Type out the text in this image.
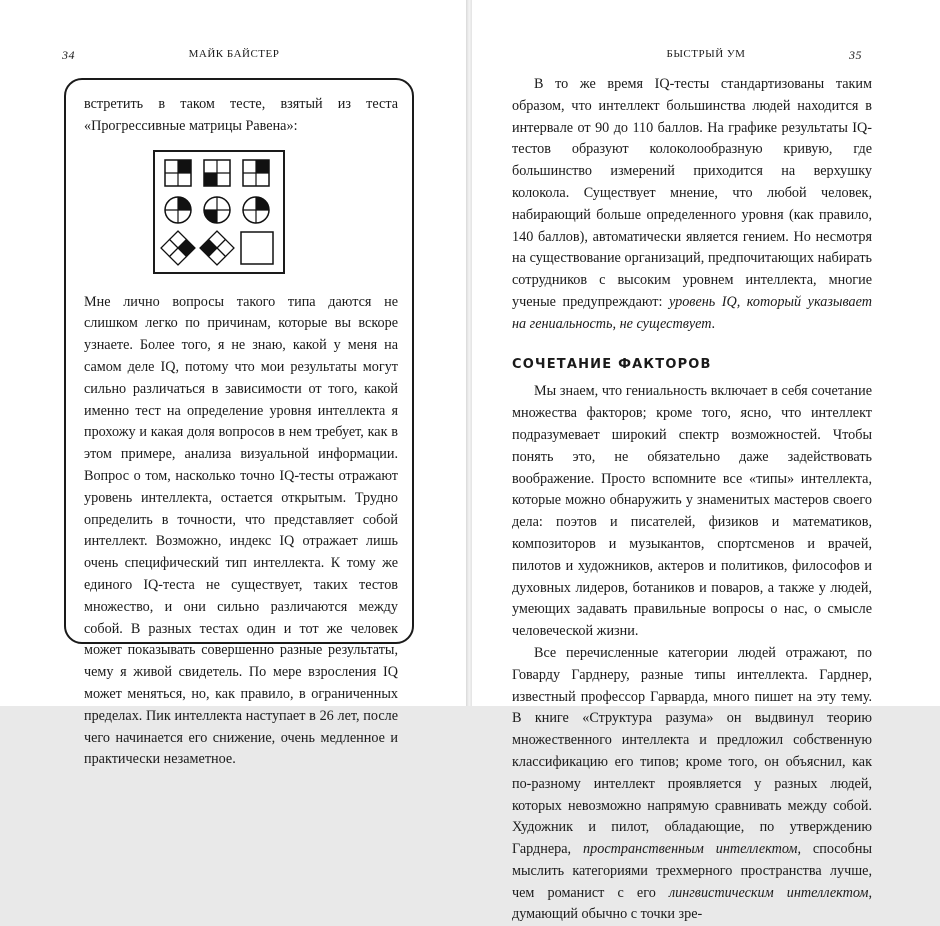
34	МАЙК БАЙСТЕР

встретить в таком тесте, взятый из теста «Прогрессивные матрицы Равена»:

Мне лично вопросы такого типа даются не слишком легко по причинам, которые вы вскоре узнаете. Более того, я не знаю, какой у меня на самом деле IQ, потому что мои результаты могут сильно различаться в зависимости от того, какой именно тест на определение уровня интеллекта я прохожу и какая доля вопросов в нем требует, как в этом примере, анализа визуальной информации. Вопрос о том, насколько точно IQ-тесты отражают уровень интеллекта, остается открытым. Трудно определить в точности, что представляет собой интеллект. Возможно, индекс IQ отражает лишь очень специфический тип интеллекта. К тому же единого IQ-теста не существует, таких тестов множество, и они сильно различаются между собой. В разных тестах один и тот же человек может показывать совершенно разные результаты, чему я живой свидетель. По мере взросления IQ может меняться, но, как правило, в ограниченных пределах. Пик интеллекта наступает в 26 лет, после чего начинается его снижение, очень медленное и практически незаметное.

БЫСТРЫЙ УМ	35

В то же время IQ-тесты стандартизованы таким образом, что интеллект большинства людей находится в интервале от 90 до 110 баллов. На графике результаты IQ-тестов образуют колоколообразную кривую, где большинство измерений приходится на верхушку колокола. Существует мнение, что любой человек, набирающий больше определенного уровня (как правило, 140 баллов), автоматически является гением. Но несмотря на существование организаций, предпочитающих набирать сотрудников с высоким уровнем интеллекта, многие ученые предупреждают: уровень IQ, который указывает на гениальность, не существует.

СОЧЕТАНИЕ ФАКТОРОВ

Мы знаем, что гениальность включает в себя сочетание множества факторов; кроме того, ясно, что интеллект подразумевает широкий спектр возможностей. Чтобы понять это, не обязательно даже задействовать воображение. Просто вспомните все «типы» интеллекта, которые можно обнаружить у знаменитых мастеров своего дела: поэтов и писателей, физиков и математиков, композиторов и музыкантов, спортсменов и врачей, пилотов и художников, актеров и политиков, философов и духовных лидеров, ботаников и поваров, а также у людей, умеющих задавать правильные вопросы о нас, о смысле человеческой жизни.

Все перечисленные категории людей отражают, по Говарду Гарднеру, разные типы интеллекта. Гарднер, известный профессор Гарварда, много пишет на эту тему. В книге «Структура разума» он выдвинул теорию множественного интеллекта и предложил собственную классификацию его типов; кроме того, он объяснил, как по-разному интеллект проявляется у разных людей, которых невозможно напрямую сравнивать между собой. Художник и пилот, обладающие, по утверждению Гарднера, пространственным интеллектом, способны мыслить категориями трехмерного пространства лучше, чем романист с его лингвистическим интеллектом, думающий обычно с точки зре-
